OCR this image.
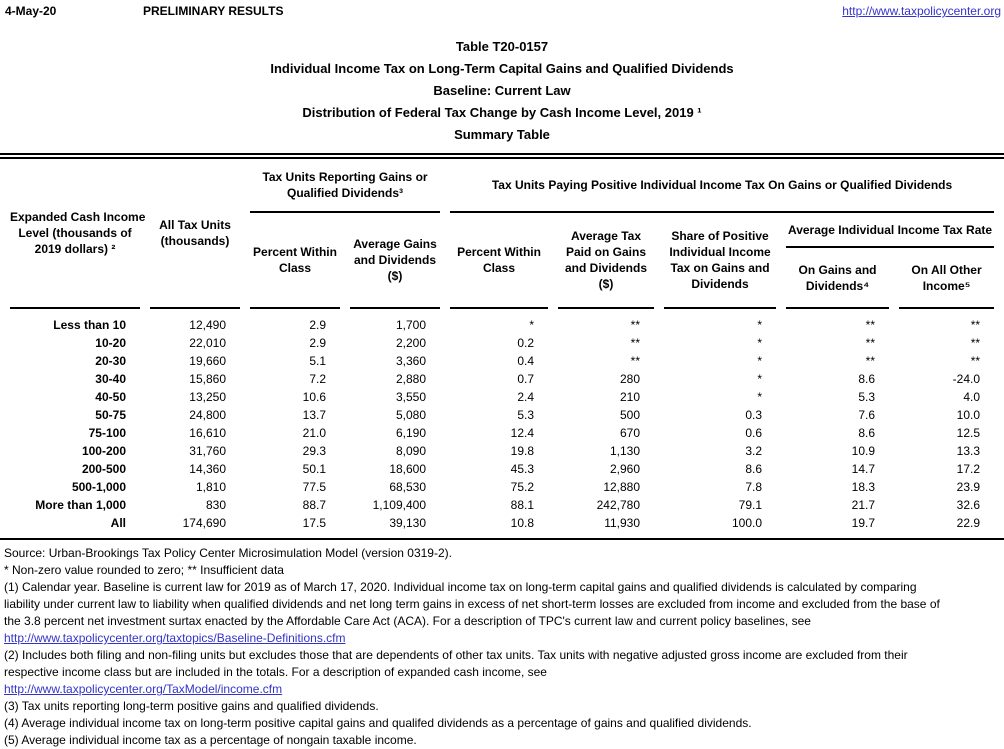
4-May-20	PRELIMINARY RESULTS	http://www.taxpolicycenter.org
Table T20-0157
Individual Income Tax on Long-Term Capital Gains and Qualified Dividends
Baseline: Current Law
Distribution of Federal Tax Change by Cash Income Level, 2019 ¹
Summary Table
Expanded Cash Income
Level (thousands of
2019 dollars) ²

All Tax Units
(thousands)

Tax Units Reporting Gains or
Qualified Dividends³

Tax Units Paying Positive Individual Income Tax On Gains or Qualified Dividends

Percent Within
Class

Average Gains
and Dividends
($)

Percent Within
Class

Average Tax
Paid on Gains
and Dividends
($)

Share of Positive
Individual Income
Tax on Gains and
Dividends

Average Individual Income Tax Rate

On Gains and
Dividends⁴

On All Other
Income⁵

Less than 10	12,490	2.9	1,700	*	**	*	**	**
10-20	22,010	2.9	2,200	0.2	**	*	**	**
20-30	19,660	5.1	3,360	0.4	**	*	**	**
30-40	15,860	7.2	2,880	0.7	280	*	8.6	-24.0
40-50	13,250	10.6	3,550	2.4	210	*	5.3	4.0
50-75	24,800	13.7	5,080	5.3	500	0.3	7.6	10.0
75-100	16,610	21.0	6,190	12.4	670	0.6	8.6	12.5
100-200	31,760	29.3	8,090	19.8	1,130	3.2	10.9	13.3
200-500	14,360	50.1	18,600	45.3	2,960	8.6	14.7	17.2
500-1,000	1,810	77.5	68,530	75.2	12,880	7.8	18.3	23.9
More than 1,000	830	88.7	1,109,400	88.1	242,780	79.1	21.7	32.6
All	174,690	17.5	39,130	10.8	11,930	100.0	19.7	22.9
Source: Urban-Brookings Tax Policy Center Microsimulation Model (version 0319-2).
* Non-zero value rounded to zero; ** Insufficient data
(1) Calendar year. Baseline is current law for 2019 as of March 17, 2020. Individual income tax on long-term capital gains and qualified dividends is calculated by comparing
liability under current law to liability when qualified dividends and net long term gains in excess of net short-term losses are excluded from income and excluded from the base of
the 3.8 percent net investment surtax enacted by the Affordable Care Act (ACA). For a description of TPC's current law and current policy baselines, see
http://www.taxpolicycenter.org/taxtopics/Baseline-Definitions.cfm
(2) Includes both filing and non-filing units but excludes those that are dependents of other tax units. Tax units with negative adjusted gross income are excluded from their
respective income class but are included in the totals. For a description of expanded cash income, see
http://www.taxpolicycenter.org/TaxModel/income.cfm
(3) Tax units reporting long-term positive gains and qualified dividends.
(4) Average individual income tax on long-term positive capital gains and qualifed dividends as a percentage of gains and qualified dividends.
(5) Average individual income tax as a percentage of nongain taxable income.
